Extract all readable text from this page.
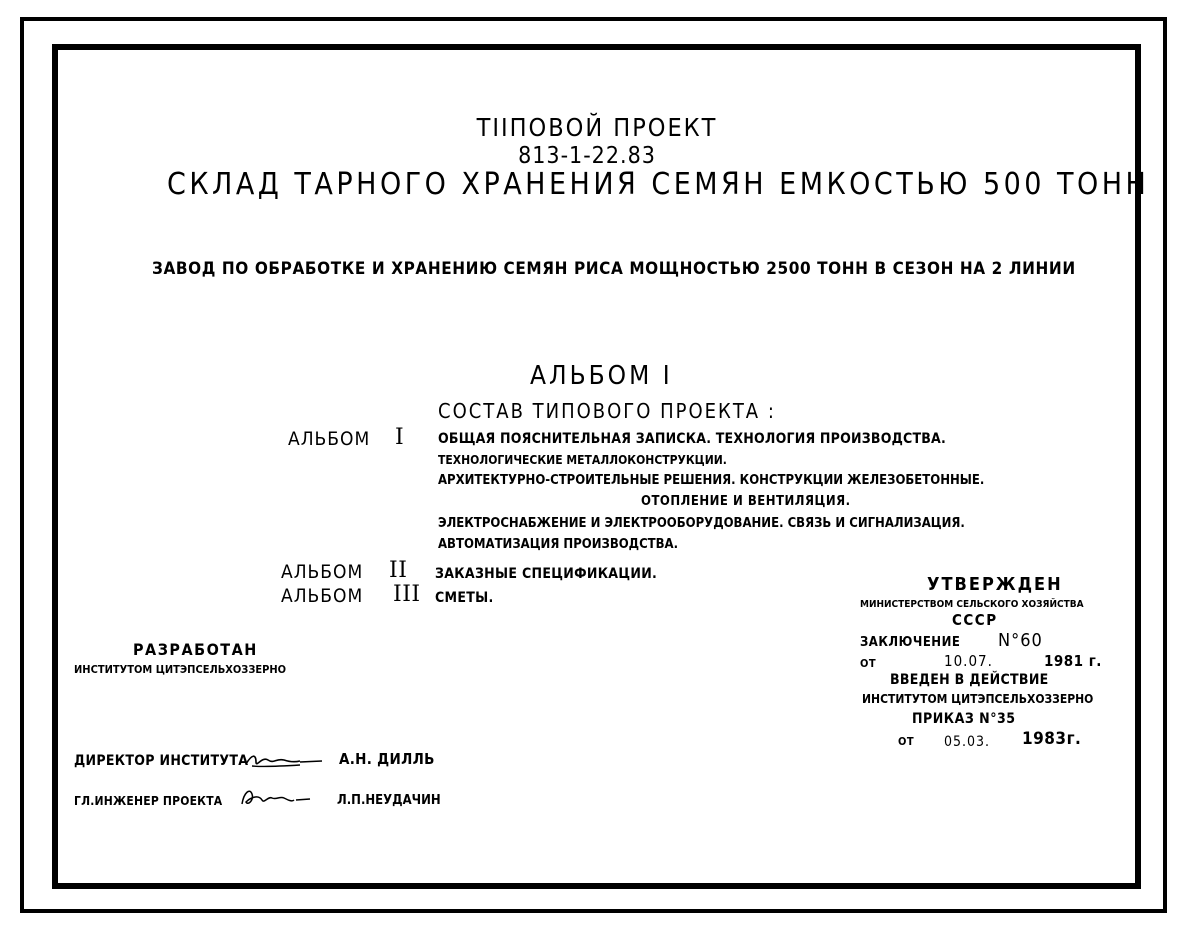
ТIIПОВОЙ ПРОЕКТ
813-1-22.83
СКЛАД ТАРНОГО ХРАНЕНИЯ СЕМЯН ЕМКОСТЬЮ 500 ТОНН
ЗАВОД ПО ОБРАБОТКЕ И ХРАНЕНИЮ СЕМЯН РИСА МОЩНОСТЬЮ 2500 ТОНН В СЕЗОН НА 2 ЛИНИИ
АЛЬБОМ I
СОСТАВ ТИПОВОГО ПРОЕКТА :
АЛЬБОМ I ОБЩАЯ ПОЯСНИТЕЛЬНАЯ ЗАПИСКА. ТЕХНОЛОГИЯ ПРОИЗВОДСТВА.
ТЕХНОЛОГИЧЕСКИЕ МЕТАЛЛОКОНСТРУКЦИИ.
АРХИТЕКТУРНО-СТРОИТЕЛЬНЫЕ РЕШЕНИЯ. КОНСТРУКЦИИ ЖЕЛЕЗОБЕТОННЫЕ.
ОТОПЛЕНИЕ И ВЕНТИЛЯЦИЯ.
ЭЛЕКТРОСНАБЖЕНИЕ И ЭЛЕКТРООБОРУДОВАНИЕ. СВЯЗЬ И СИГНАЛИЗАЦИЯ.
АВТОМАТИЗАЦИЯ ПРОИЗВОДСТВА.
АЛЬБОМ II ЗАКАЗНЫЕ СПЕЦИФИКАЦИИ.
АЛЬБОМ III СМЕТЫ.
РАЗРАБОТАН
ИНСТИТУТОМ ЦИТЭПСЕЛЬХОЗЗЕРНО
УТВЕРЖДЕН
МИНИСТЕРСТВОМ СЕЛЬСКОГО ХОЗЯЙСТВА
СССР
ЗАКЛЮЧЕНИЕ N°60
ОТ	10.07.	1981 г.
ВВЕДЕН В ДЕЙСТВИЕ
ИНСТИТУТОМ ЦИТЭПСЕЛЬХОЗЗЕРНО
ПРИКАЗ N°35
ОТ 05.03. 1983г.
ДИРЕКТОР ИНСТИТУТА	А.Н. ДИЛЛЬ
ГЛ.ИНЖЕНЕР ПРОЕКТА	Л.П.НЕУДАЧИН
